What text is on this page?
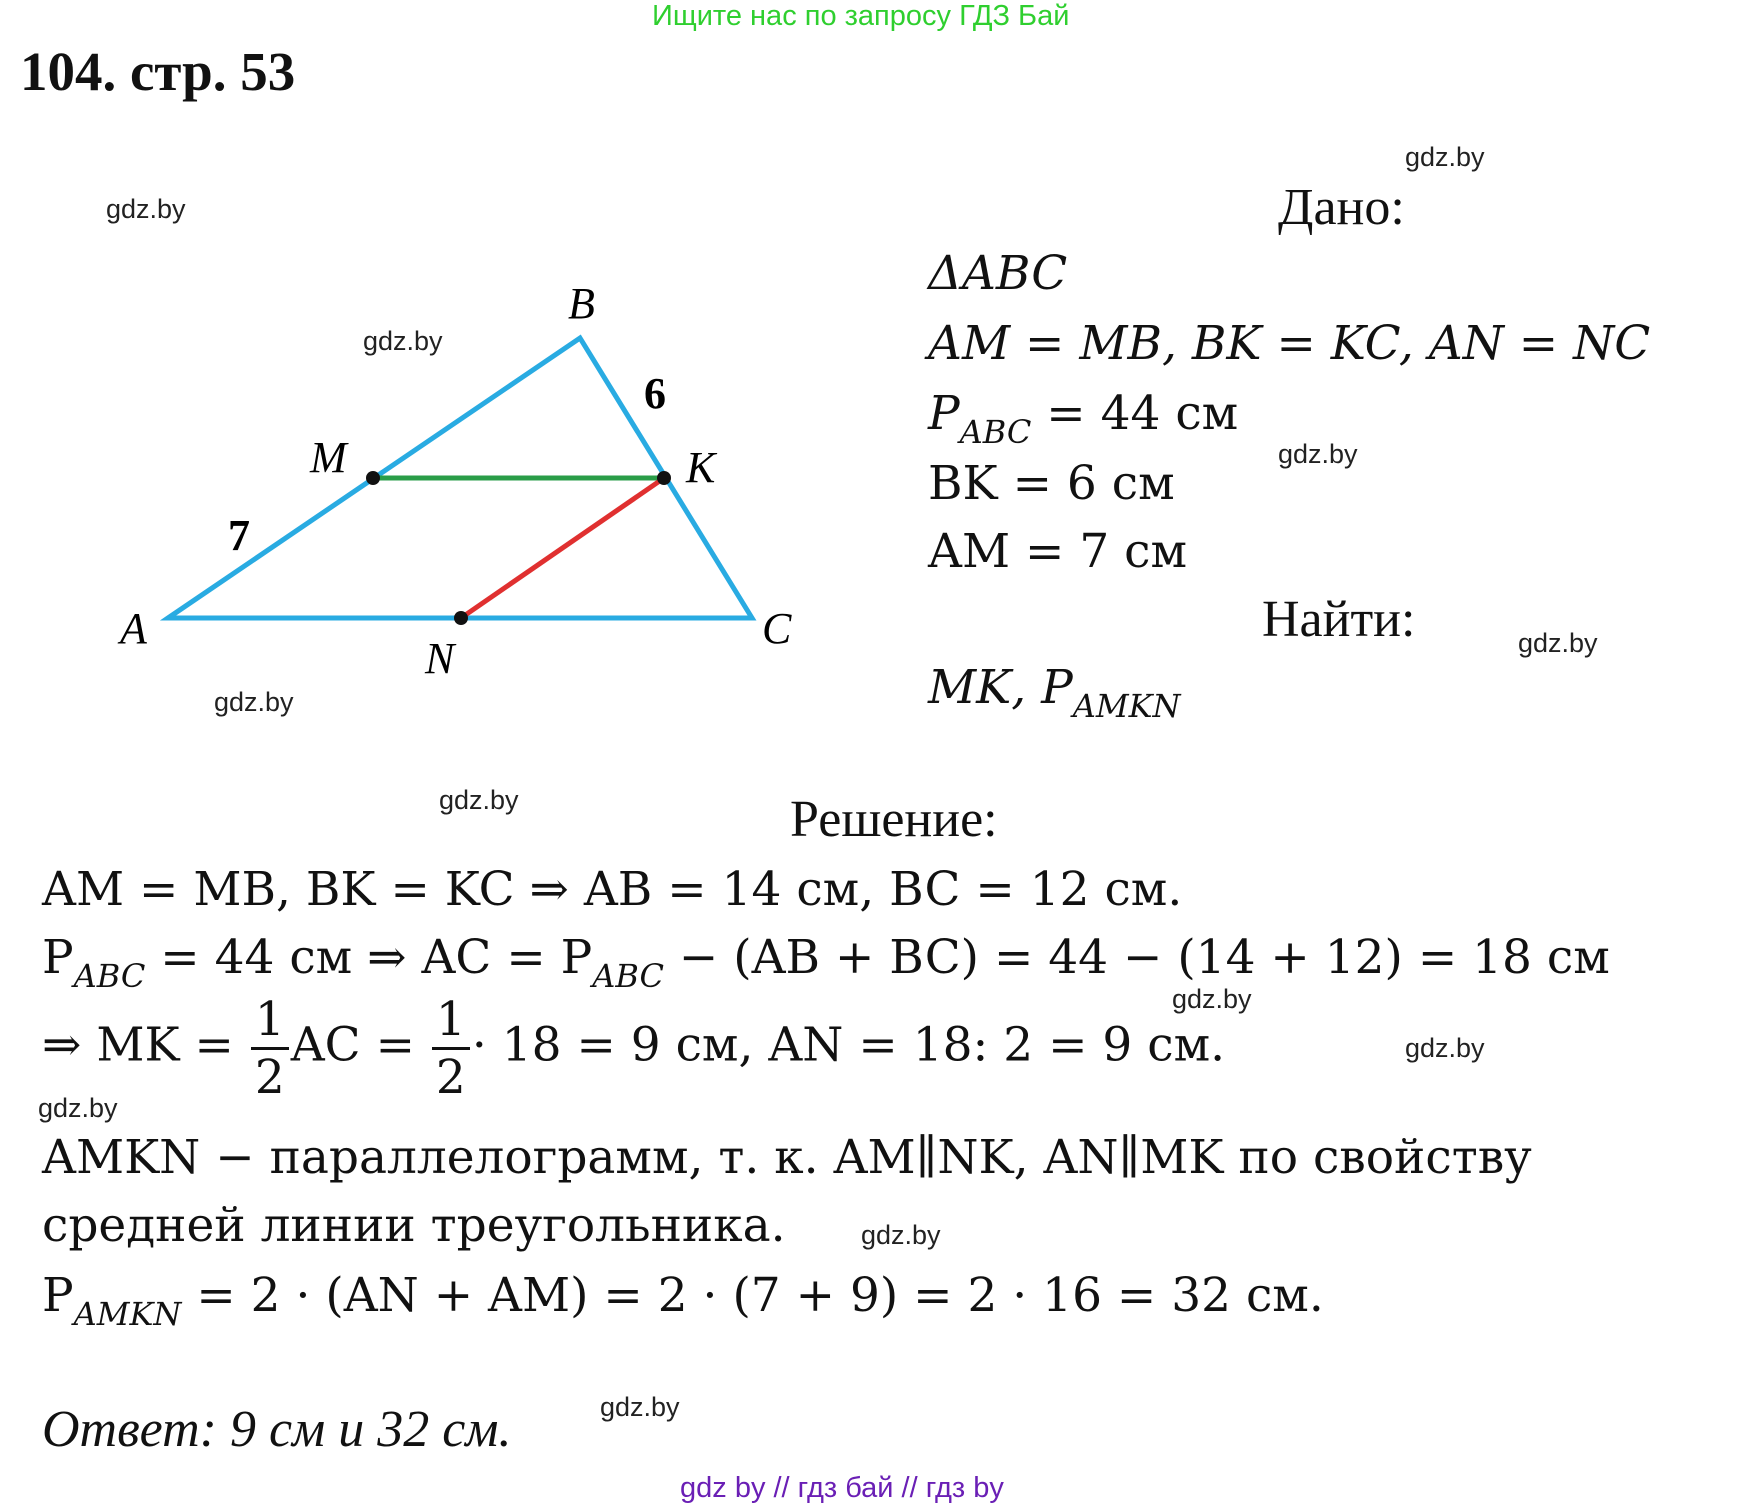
Ищите нас по запросу ГДЗ Бай
104. стр. 53
gdz.by
gdz.by
gdz.by
gdz.by
gdz.by
gdz.by
gdz.by
gdz.by
gdz.by
gdz.by
gdz.by
gdz.by
B
M	K
A
N
C
6
7
Дано:
ΔABC
AM = MB, BK = KC, AN = NC
$P_{ABC} = 44$ см
BK = 6 см
AM = 7 см
Найти:
MK, $P_{AMKN}$
Решение:
AM = MB, BK = KC ⇒ AB = 14 см, BC = 12 см.
$P_{ABC} = 44$ см ⇒ AC = $P_{ABC} - (AB + BC) = 44 - (14 + 12) = 18$ см
⇒ MK = $\frac{1}{2}$ AC = $\frac{1}{2} \cdot 18 = 9$ см, AN = 18: 2 = 9 см.
AMKN − параллелограмм, т. к. AM∥NK, AN∥MK по свойству
средней линии треугольника.
$P_{AMKN} = 2 \cdot (AN + AM) = 2 \cdot (7 + 9) = 2 \cdot 16 = 32$ см.
Ответ: 9 см и 32 см.
gdz by // гдз бай // гдз by
